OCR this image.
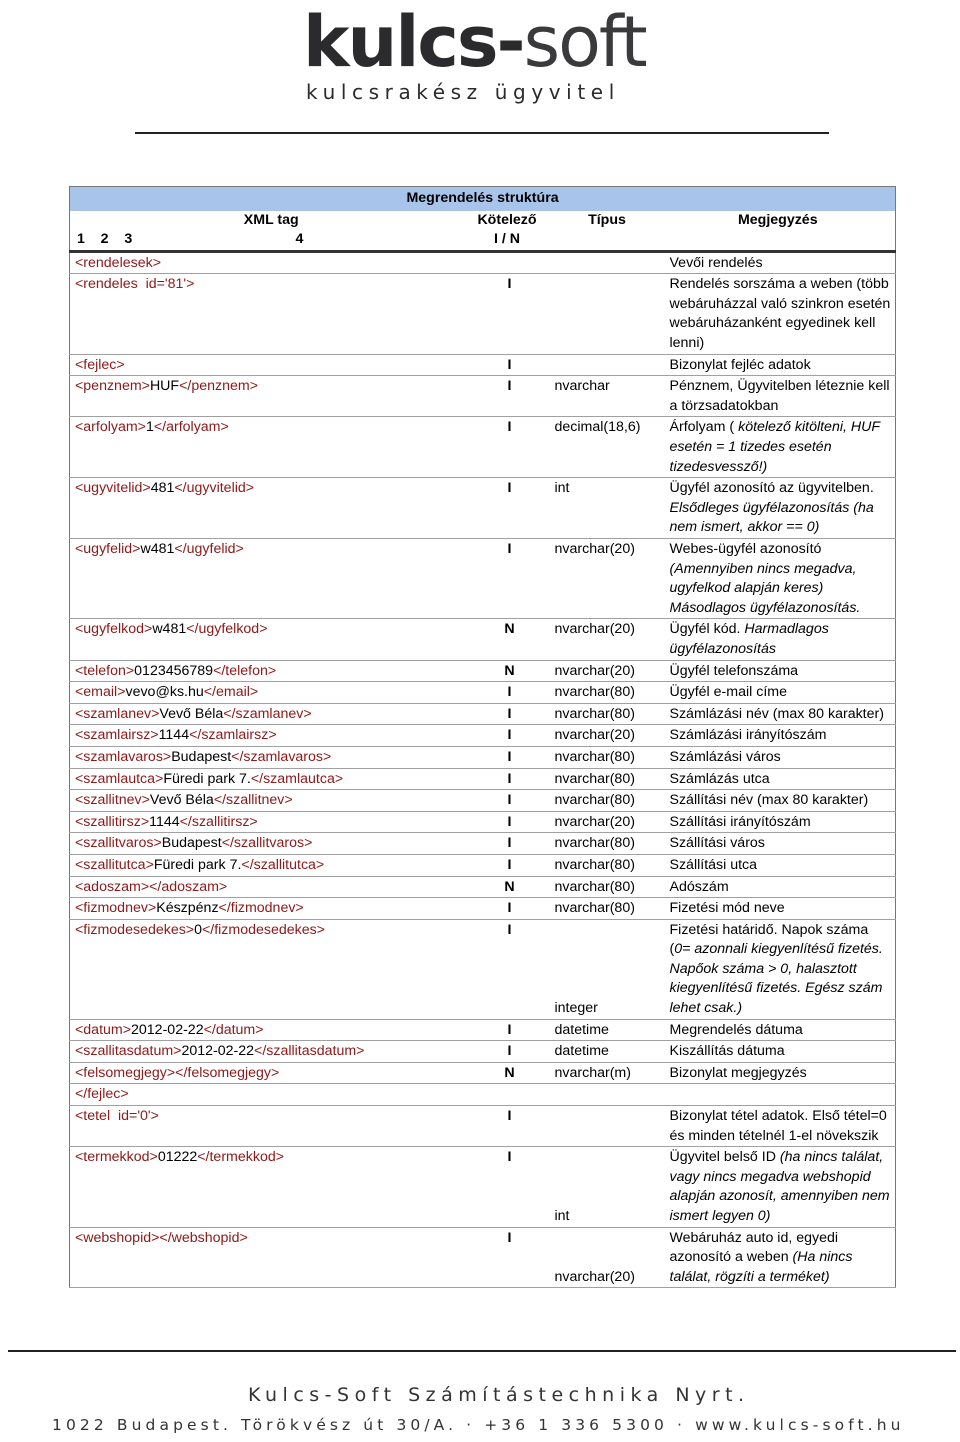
kulcs-soft
kulcsrakész ügyvitel
Megrendelés struktúra			
XML tag	Kötelező	Típus	Megjegyzés
1 2 3 4	I / N		
<rendelesek>			Vevői rendelés
<rendeles  id='81'>	I		Rendelés sorszáma a weben (több webáruházzal való szinkron esetén webáruházanként egyedinek kell lenni)
<fejlec>	I		Bizonylat fejléc adatok
<penznem>HUF</penznem>	I	nvarchar	Pénznem, Ügyvitelben léteznie kell a törzsadatokban
<arfolyam>1</arfolyam>	I	decimal(18,6)	Árfolyam ( kötelező kitölteni, HUF esetén = 1 tizedes esetén tizedesvessző!)
<ugyvitelid>481</ugyvitelid>	I	int	Ügyfél azonosító az ügyvitelben. Elsődleges ügyfélazonosítás (ha nem ismert, akkor == 0)
<ugyfelid>w481</ugyfelid>	I	nvarchar(20)	Webes-ügyfél azonosító (Amennyiben nincs megadva, ugyfelkod alapján keres) Másodlagos ügyfélazonosítás.
<ugyfelkod>w481</ugyfelkod>	N	nvarchar(20)	Ügyfél kód. Harmadlagos ügyfélazonosítás
<telefon>0123456789</telefon>	N	nvarchar(20)	Ügyfél telefonszáma
<email>vevo@ks.hu</email>	I	nvarchar(80)	Ügyfél e-mail címe
<szamlanev>Vevő Béla</szamlanev>	I	nvarchar(80)	Számlázási név (max 80 karakter)
<szamlairsz>1144</szamlairsz>	I	nvarchar(20)	Számlázási irányítószám
<szamlavaros>Budapest</szamlavaros>	I	nvarchar(80)	Számlázási város
<szamlautca>Füredi park 7.</szamlautca>	I	nvarchar(80)	Számlázás utca
<szallitnev>Vevő Béla</szallitnev>	I	nvarchar(80)	Szállítási név (max 80 karakter)
<szallitirsz>1144</szallitirsz>	I	nvarchar(20)	Szállítási irányítószám
<szallitvaros>Budapest</szallitvaros>	I	nvarchar(80)	Szállítási város
<szallitutca>Füredi park 7.</szallitutca>	I	nvarchar(80)	Szállítási utca
<adoszam></adoszam>	N	nvarchar(80)	Adószám
<fizmodnev>Készpénz</fizmodnev>	I	nvarchar(80)	Fizetési mód neve
<fizmodesedekes>0</fizmodesedekes>	I	integer	Fizetési határidő. Napok száma (0= azonnali kiegyenlítésű fizetés. Napőok száma > 0, halasztott kiegyenlítésű fizetés. Egész szám lehet csak.)
<datum>2012-02-22</datum>	I	datetime	Megrendelés dátuma
<szallitasdatum>2012-02-22</szallitasdatum>	I	datetime	Kiszállítás dátuma
<felsomegjegy></felsomegjegy>	N	nvarchar(m)	Bizonylat megjegyzés
</fejlec>			
<tetel  id='0'>	I		Bizonylat tétel adatok. Első tétel=0 és minden tételnél 1-el növekszik
<termekkod>01222</termekkod>	I	int	Ügyvitel belső ID (ha nincs találat, vagy nincs megadva webshopid alapján azonosít, amennyiben nem ismert legyen 0)
<webshopid></webshopid>	I	nvarchar(20)	Webáruház auto id, egyedi azonosító a weben (Ha nincs találat, rögzíti a terméket)
Kulcs-Soft Számítástechnika Nyrt.
1022 Budapest. Törökvész út 30/A. · +36 1 336 5300 · www.kulcs-soft.hu
